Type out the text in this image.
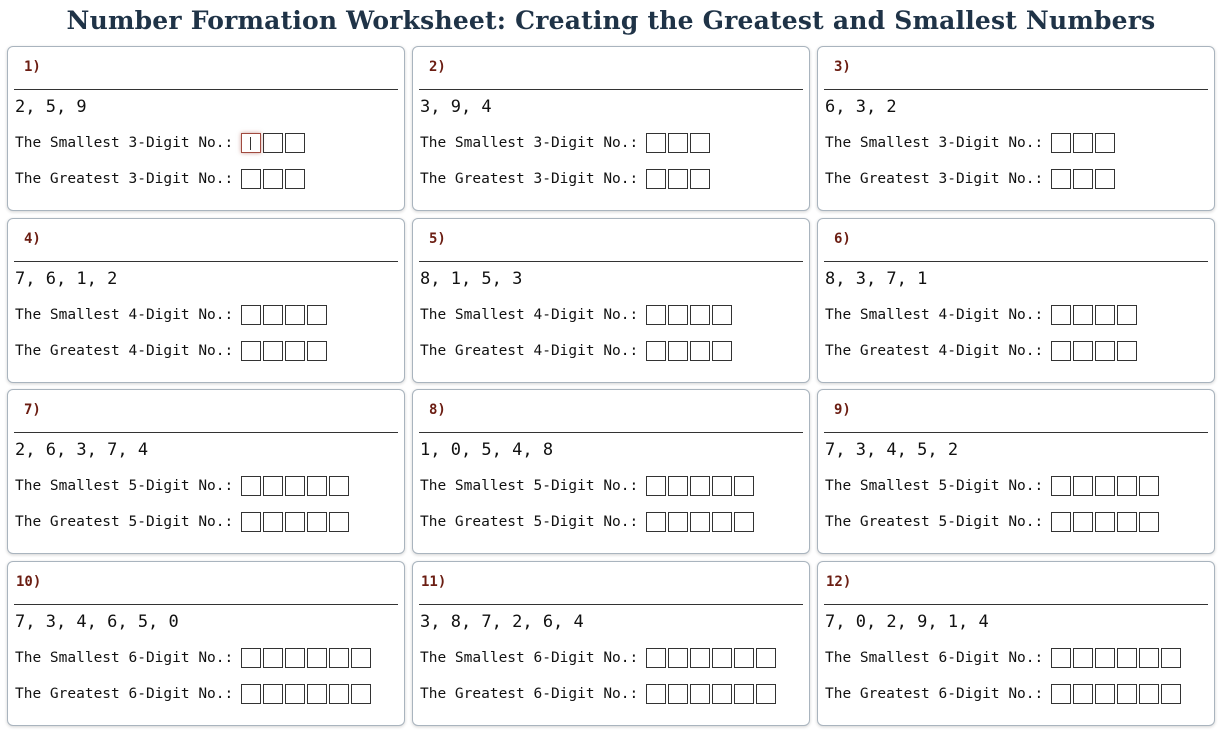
Number Formation Worksheet: Creating the Greatest and Smallest Numbers
1)
2, 5, 9
The Smallest 3-Digit No.:
The Greatest 3-Digit No.:
2)
3, 9, 4
The Smallest 3-Digit No.:
The Greatest 3-Digit No.:
3)
6, 3, 2
The Smallest 3-Digit No.:
The Greatest 3-Digit No.:
4)
7, 6, 1, 2
The Smallest 4-Digit No.:
The Greatest 4-Digit No.:
5)
8, 1, 5, 3
The Smallest 4-Digit No.:
The Greatest 4-Digit No.:
6)
8, 3, 7, 1
The Smallest 4-Digit No.:
The Greatest 4-Digit No.:
7)
2, 6, 3, 7, 4
The Smallest 5-Digit No.:
The Greatest 5-Digit No.:
8)
1, 0, 5, 4, 8
The Smallest 5-Digit No.:
The Greatest 5-Digit No.:
9)
7, 3, 4, 5, 2
The Smallest 5-Digit No.:
The Greatest 5-Digit No.:
10)
7, 3, 4, 6, 5, 0
The Smallest 6-Digit No.:
The Greatest 6-Digit No.:
11)
3, 8, 7, 2, 6, 4
The Smallest 6-Digit No.:
The Greatest 6-Digit No.:
12)
7, 0, 2, 9, 1, 4
The Smallest 6-Digit No.:
The Greatest 6-Digit No.:
